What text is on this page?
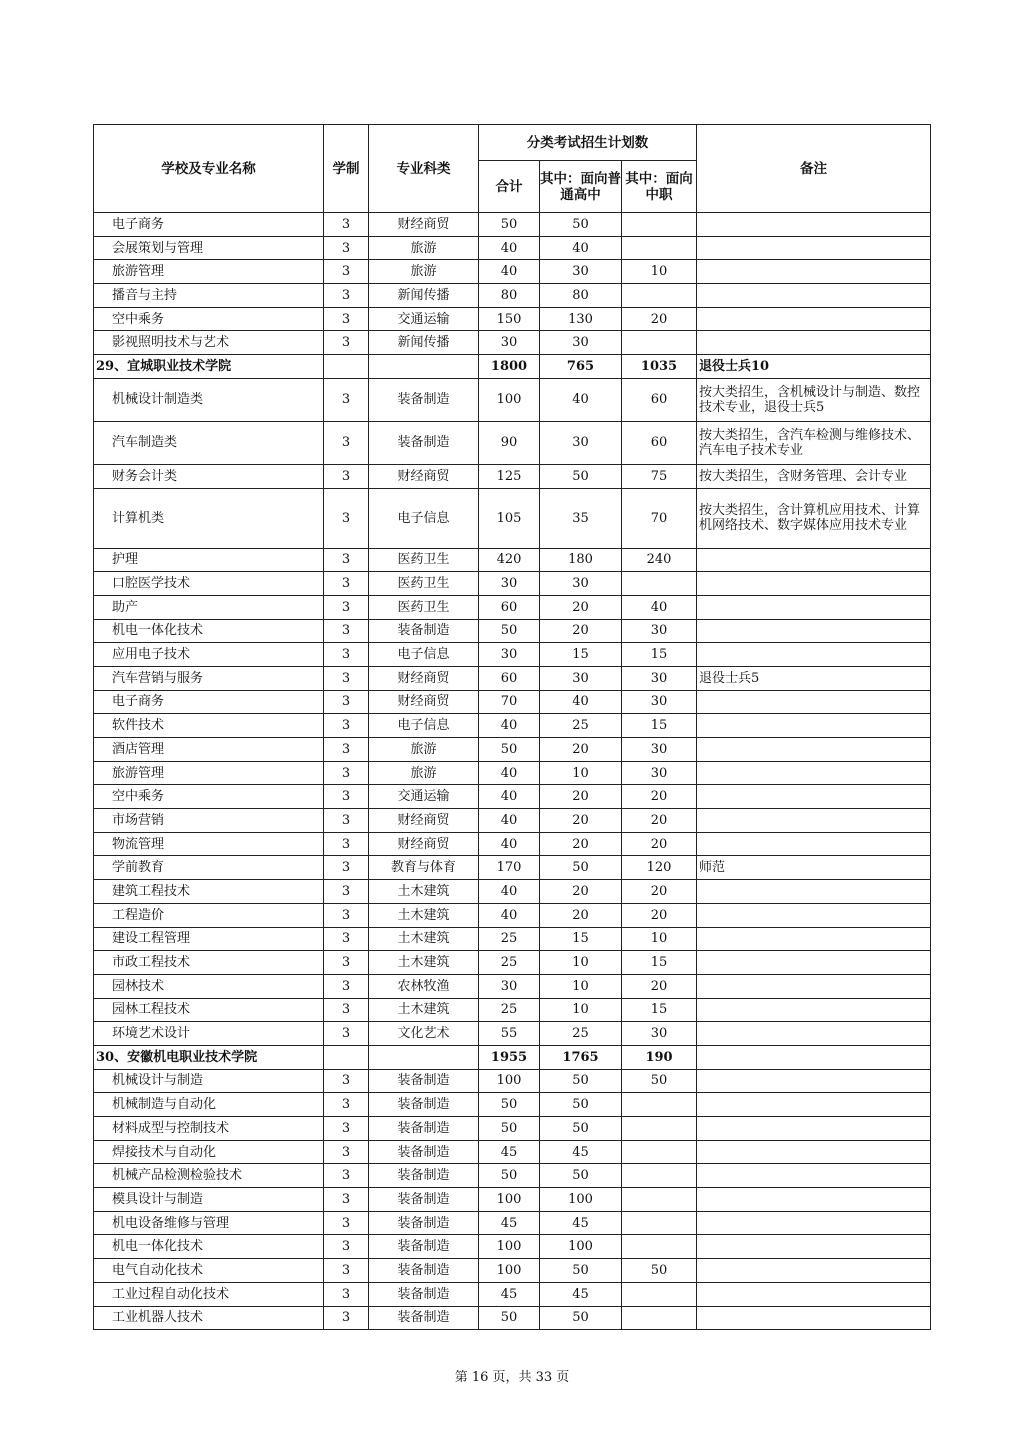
学校及专业名称	学制	专业科类	分类考试招生计划数			备注
			合计	其中：面向普通高中	其中：面向中职	
电子商务	3	财经商贸	50	50		
会展策划与管理	3	旅游	40	40		
旅游管理	3	旅游	40	30	10	
播音与主持	3	新闻传播	80	80		
空中乘务	3	交通运输	150	130	20	
影视照明技术与艺术	3	新闻传播	30	30		
29、宜城职业技术学院			1800	765	1035	退役士兵10
机械设计制造类	3	装备制造	100	40	60	按大类招生，含机械设计与制造、数控技术专业，退役士兵5
汽车制造类	3	装备制造	90	30	60	按大类招生，含汽车检测与维修技术、汽车电子技术专业
财务会计类	3	财经商贸	125	50	75	按大类招生，含财务管理、会计专业
计算机类	3	电子信息	105	35	70	按大类招生，含计算机应用技术、计算机网络技术、数字媒体应用技术专业
护理	3	医药卫生	420	180	240	
口腔医学技术	3	医药卫生	30	30		
助产	3	医药卫生	60	20	40	
机电一体化技术	3	装备制造	50	20	30	
应用电子技术	3	电子信息	30	15	15	
汽车营销与服务	3	财经商贸	60	30	30	退役士兵5
电子商务	3	财经商贸	70	40	30	
软件技术	3	电子信息	40	25	15	
酒店管理	3	旅游	50	20	30	
旅游管理	3	旅游	40	10	30	
空中乘务	3	交通运输	40	20	20	
市场营销	3	财经商贸	40	20	20	
物流管理	3	财经商贸	40	20	20	
学前教育	3	教育与体育	170	50	120	师范
建筑工程技术	3	土木建筑	40	20	20	
工程造价	3	土木建筑	40	20	20	
建设工程管理	3	土木建筑	25	15	10	
市政工程技术	3	土木建筑	25	10	15	
园林技术	3	农林牧渔	30	10	20	
园林工程技术	3	土木建筑	25	10	15	
环境艺术设计	3	文化艺术	55	25	30	
30、安徽机电职业技术学院			1955	1765	190	
机械设计与制造	3	装备制造	100	50	50	
机械制造与自动化	3	装备制造	50	50		
材料成型与控制技术	3	装备制造	50	50		
焊接技术与自动化	3	装备制造	45	45		
机械产品检测检验技术	3	装备制造	50	50		
模具设计与制造	3	装备制造	100	100		
机电设备维修与管理	3	装备制造	45	45		
机电一体化技术	3	装备制造	100	100		
电气自动化技术	3	装备制造	100	50	50	
工业过程自动化技术	3	装备制造	45	45		
工业机器人技术	3	装备制造	50	50		
第 16 页，共 33 页
